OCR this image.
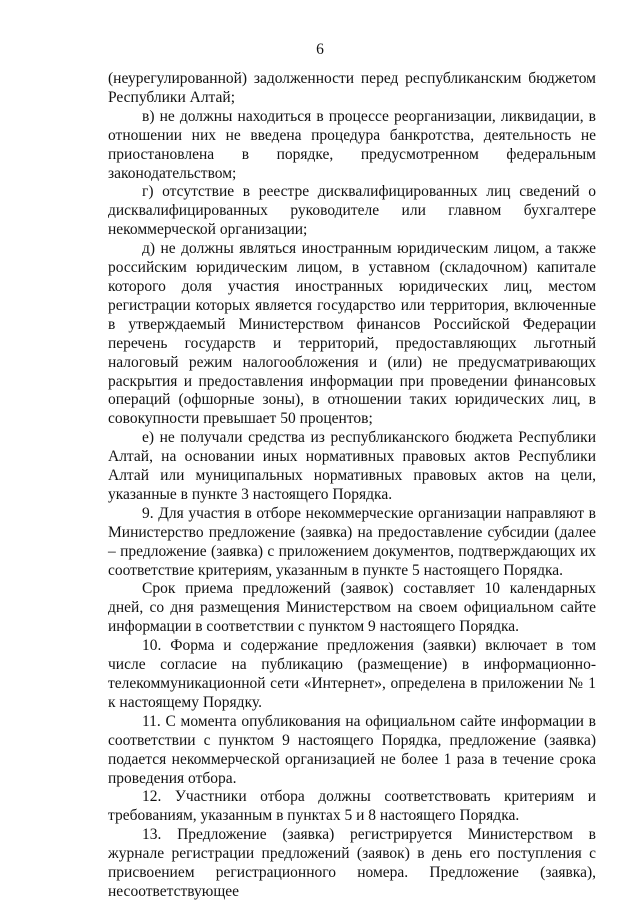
6

(неурегулированной) задолженности перед республиканским бюджетом Республики Алтай;

в) не должны находиться в процессе реорганизации, ликвидации, в отношении них не введена процедура банкротства, деятельность не приостановлена в порядке, предусмотренном федеральным законодательством;

г) отсутствие в реестре дисквалифицированных лиц сведений о дисквалифицированных руководителе или главном бухгалтере некоммерческой организации;

д) не должны являться иностранным юридическим лицом, а также российским юридическим лицом, в уставном (складочном) капитале которого доля участия иностранных юридических лиц, местом регистрации которых является государство или территория, включенные в утверждаемый Министерством финансов Российской Федерации перечень государств и территорий, предоставляющих льготный налоговый режим налогообложения и (или) не предусматривающих раскрытия и предоставления информации при проведении финансовых операций (офшорные зоны), в отношении таких юридических лиц, в совокупности превышает 50 процентов;

е) не получали средства из республиканского бюджета Республики Алтай, на основании иных нормативных правовых актов Республики Алтай или муниципальных нормативных правовых актов на цели, указанные в пункте 3 настоящего Порядка.

9. Для участия в отборе некоммерческие организации направляют в Министерство предложение (заявка) на предоставление субсидии (далее – предложение (заявка) с приложением документов, подтверждающих их соответствие критериям, указанным в пункте 5 настоящего Порядка.

Срок приема предложений (заявок) составляет 10 календарных дней, со дня размещения Министерством на своем официальном сайте информации в соответствии с пунктом 9 настоящего Порядка.

10. Форма и содержание предложения (заявки) включает в том числе согласие на публикацию (размещение) в информационно-телекоммуникационной сети «Интернет», определена в приложении № 1 к настоящему Порядку.

11. С момента опубликования на официальном сайте информации в соответствии с пунктом 9 настоящего Порядка, предложение (заявка) подается некоммерческой организацией не более 1 раза в течение срока проведения отбора.

12. Участники отбора должны соответствовать критериям и требованиям, указанным в пунктах 5 и 8 настоящего Порядка.

13. Предложение (заявка) регистрируется Министерством в журнале регистрации предложений (заявок) в день его поступления с присвоением регистрационного номера. Предложение (заявка), несоответствующее
